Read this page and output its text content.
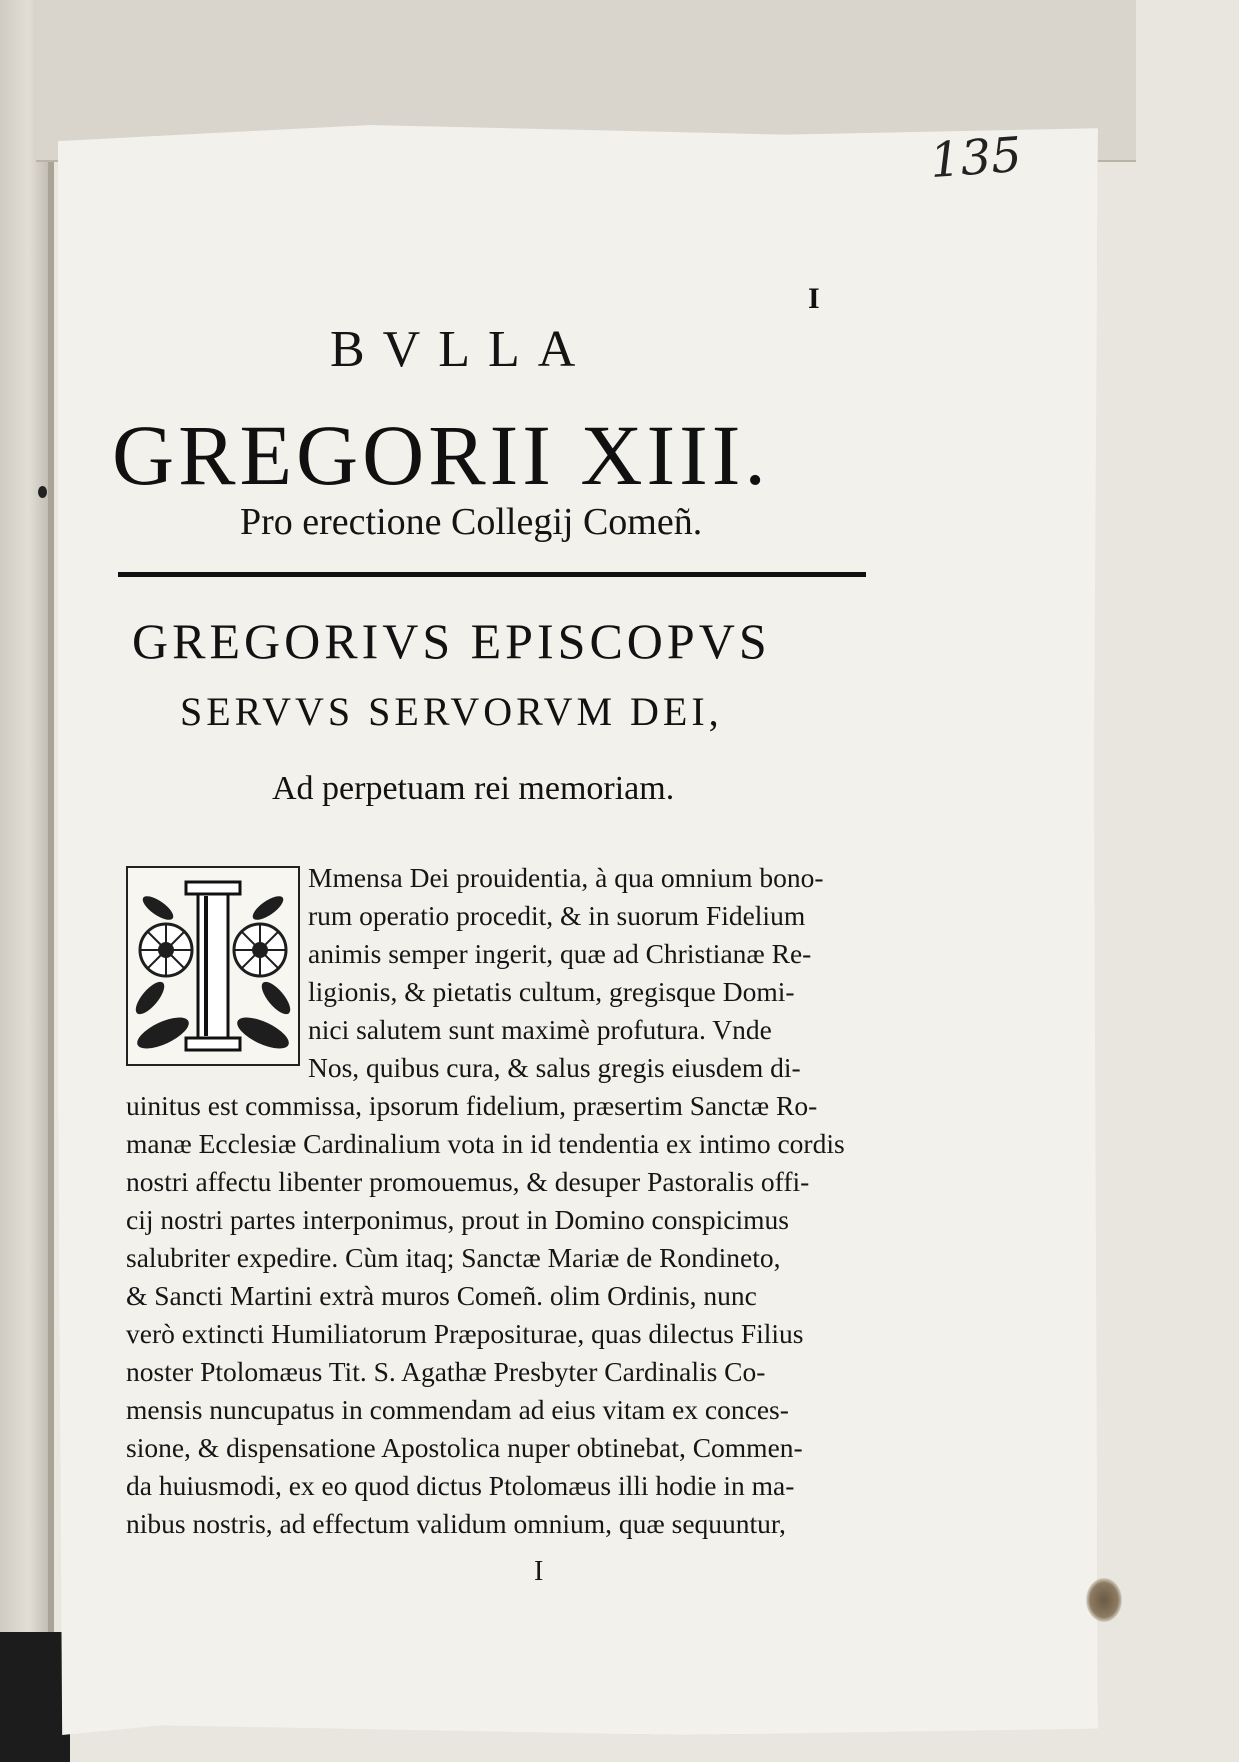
135
I
BVLLA
GREGORII XIII.
Pro erectione Collegij Comeñ.
GREGORIVS EPISCOPVS
SERVVS SERVORVM DEI,
Ad perpetuam rei memoriam.
Mmensa Dei prouidentia, à qua omnium bono-
rum operatio procedit, & in suorum Fidelium
animis semper ingerit, quæ ad Christianæ Re-
ligionis, & pietatis cultum, gregisque Domi-
nici salutem sunt maximè profutura. Vnde
Nos, quibus cura, & salus gregis eiusdem di-
uinitus est commissa, ipsorum fidelium, præsertim Sanctæ Ro-
manæ Ecclesiæ Cardinalium vota in id tendentia ex intimo cordis
nostri affectu libenter promouemus, & desuper Pastoralis offi-
cij nostri partes interponimus, prout in Domino conspicimus
salubriter expedire. Cùm itaq; Sanctæ Mariæ de Rondineto,
& Sancti Martini extrà muros Comeñ. olim Ordinis, nunc
verò extincti Humiliatorum Præpositurae, quas dilectus Filius
noster Ptolomæus Tit. S. Agathæ Presbyter Cardinalis Co-
mensis nuncupatus in commendam ad eius vitam ex conces-
sione, & dispensatione Apostolica nuper obtinebat, Commen-
da huiusmodi, ex eo quod dictus Ptolomæus illi hodie in ma-
nibus nostris, ad effectum validum omnium, quæ sequuntur,
I
